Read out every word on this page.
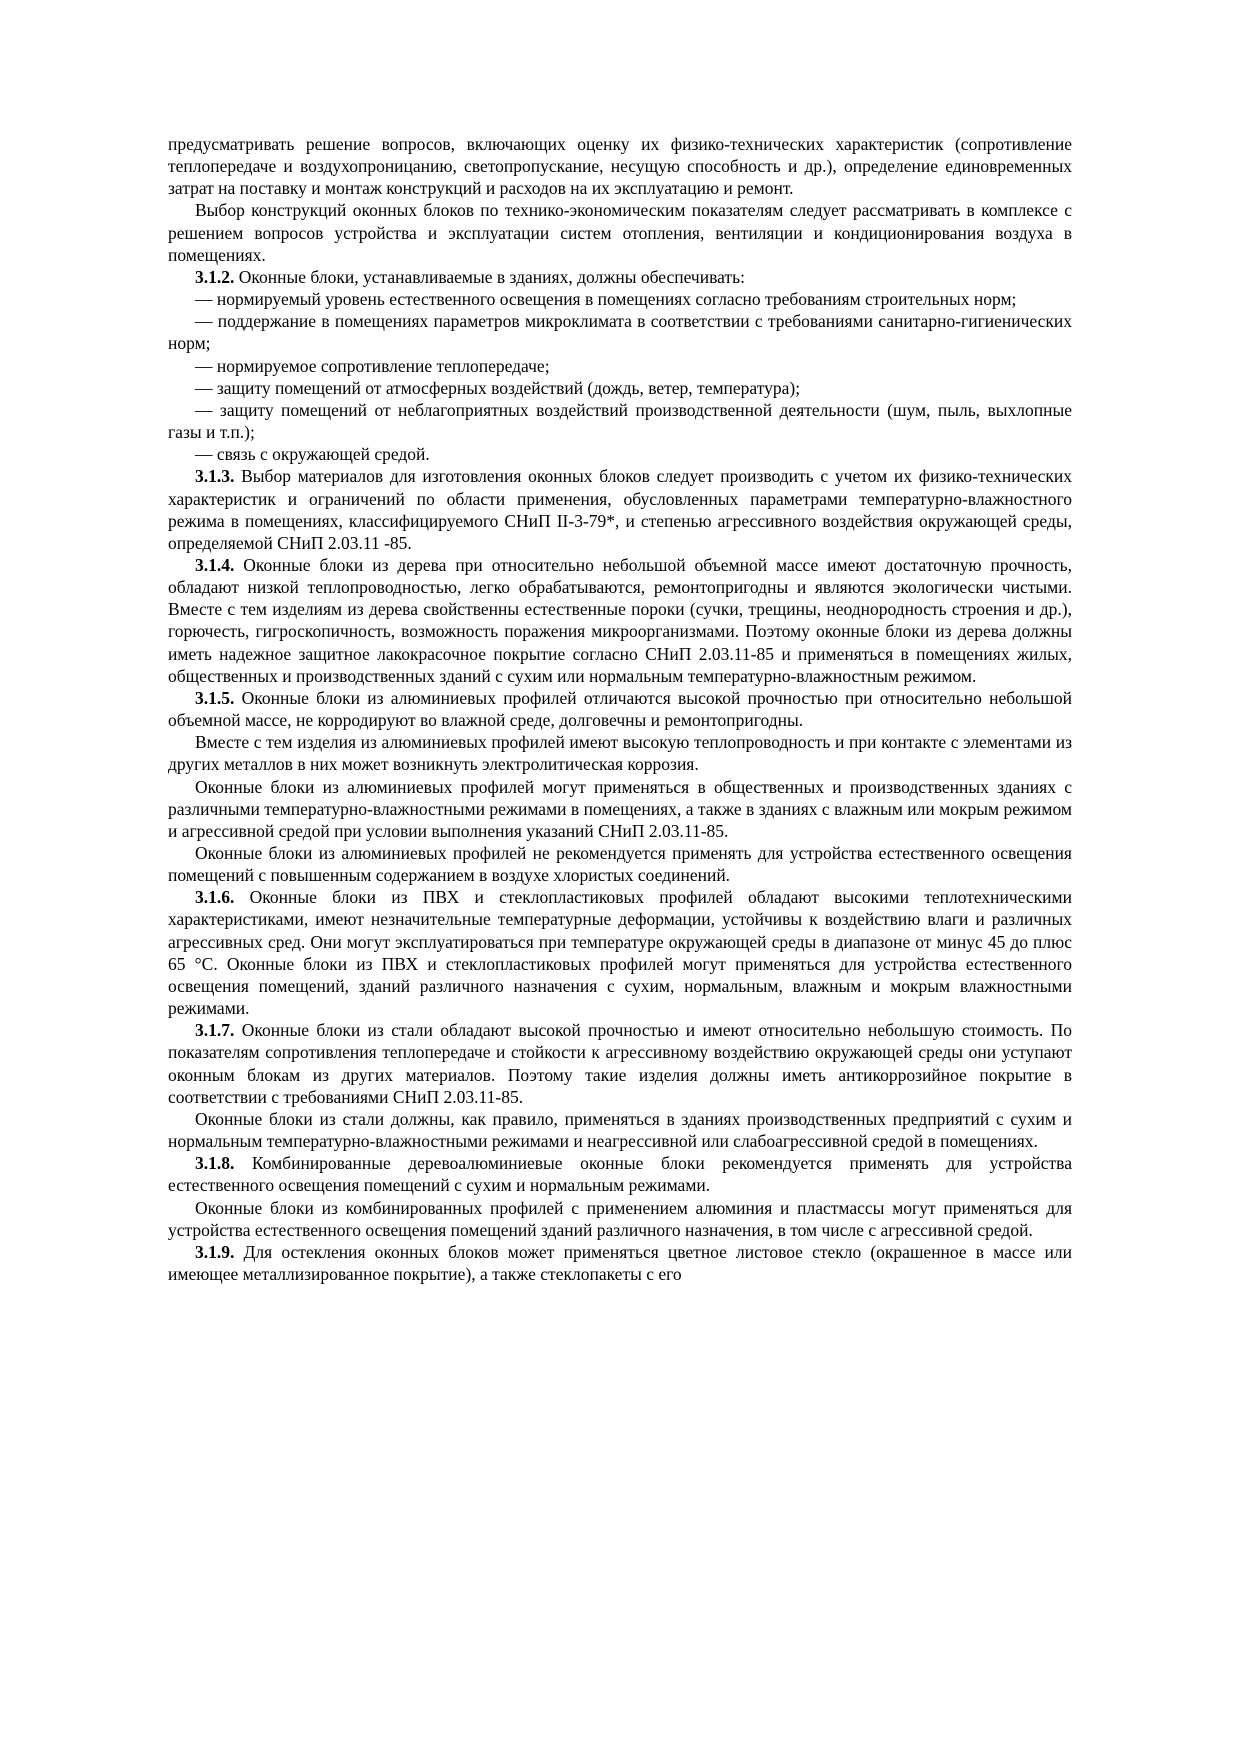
предусматривать решение вопросов, включающих оценку их физико-технических характеристик (сопротивление теплопередаче и воздухопроницанию, светопропускание, несущую способность и др.), определение единовременных затрат на поставку и монтаж конструкций и расходов на их эксплуатацию и ремонт.

Выбор конструкций оконных блоков по технико-экономическим показателям следует рассматривать в комплексе с решением вопросов устройства и эксплуатации систем отопления, вентиляции и кондиционирования воздуха в помещениях.

3.1.2. Оконные блоки, устанавливаемые в зданиях, должны обеспечивать:

— нормируемый уровень естественного освещения в помещениях согласно требованиям строительных норм;

— поддержание в помещениях параметров микроклимата в соответствии с требованиями санитарно-гигиенических норм;

— нормируемое сопротивление теплопередаче;

— защиту помещений от атмосферных воздействий (дождь, ветер, температура);

— защиту помещений от неблагоприятных воздействий производственной деятельности (шум, пыль, выхлопные газы и т.п.);

— связь с окружающей средой.

3.1.3. Выбор материалов для изготовления оконных блоков следует производить с учетом их физико-технических характеристик и ограничений по области применения, обусловленных параметрами температурно-влажностного режима в помещениях, классифицируемого СНиП II-3-79*, и степенью агрессивного воздействия окружающей среды, определяемой СНиП 2.03.11 -85.

3.1.4. Оконные блоки из дерева при относительно небольшой объемной массе имеют достаточную прочность, обладают низкой теплопроводностью, легко обрабатываются, ремонтопригодны и являются экологически чистыми. Вместе с тем изделиям из дерева свойственны естественные пороки (сучки, трещины, неоднородность строения и др.), горючесть, гигроскопичность, возможность поражения микроорганизмами. Поэтому оконные блоки из дерева должны иметь надежное защитное лакокрасочное покрытие согласно СНиП 2.03.11-85 и применяться в помещениях жилых, общественных и производственных зданий с сухим или нормальным температурно-влажностным режимом.

3.1.5. Оконные блоки из алюминиевых профилей отличаются высокой прочностью при относительно небольшой объемной массе, не корродируют во влажной среде, долговечны и ремонтопригодны.

Вместе с тем изделия из алюминиевых профилей имеют высокую теплопроводность и при контакте с элементами из других металлов в них может возникнуть электролитическая коррозия.

Оконные блоки из алюминиевых профилей могут применяться в общественных и производственных зданиях с различными температурно-влажностными режимами в помещениях, а также в зданиях с влажным или мокрым режимом и агрессивной средой при условии выполнения указаний СНиП 2.03.11-85.

Оконные блоки из алюминиевых профилей не рекомендуется применять для устройства естественного освещения помещений с повышенным содержанием в воздухе хлористых соединений.

3.1.6. Оконные блоки из ПВХ и стеклопластиковых профилей обладают высокими теплотехническими характеристиками, имеют незначительные температурные деформации, устойчивы к воздействию влаги и различных агрессивных сред. Они могут эксплуатироваться при температуре окружающей среды в диапазоне от минус 45 до плюс 65 °С. Оконные блоки из ПВХ и стеклопластиковых профилей могут применяться для устройства естественного освещения помещений, зданий различного назначения с сухим, нормальным, влажным и мокрым влажностными режимами.

3.1.7. Оконные блоки из стали обладают высокой прочностью и имеют относительно небольшую стоимость. По показателям сопротивления теплопередаче и стойкости к агрессивному воздействию окружающей среды они уступают оконным блокам из других материалов. Поэтому такие изделия должны иметь антикоррозийное покрытие в соответствии с требованиями СНиП 2.03.11-85.

Оконные блоки из стали должны, как правило, применяться в зданиях производственных предприятий с сухим и нормальным температурно-влажностными режимами и неагрессивной или слабоагрессивной средой в помещениях.

3.1.8. Комбинированные деревоалюминиевые оконные блоки рекомендуется применять для устройства естественного освещения помещений с сухим и нормальным режимами.

Оконные блоки из комбинированных профилей с применением алюминия и пластмассы могут применяться для устройства естественного освещения помещений зданий различного назначения, в том числе с агрессивной средой.

3.1.9. Для остекления оконных блоков может применяться цветное листовое стекло (окрашенное в массе или имеющее металлизированное покрытие), а также стеклопакеты с его
